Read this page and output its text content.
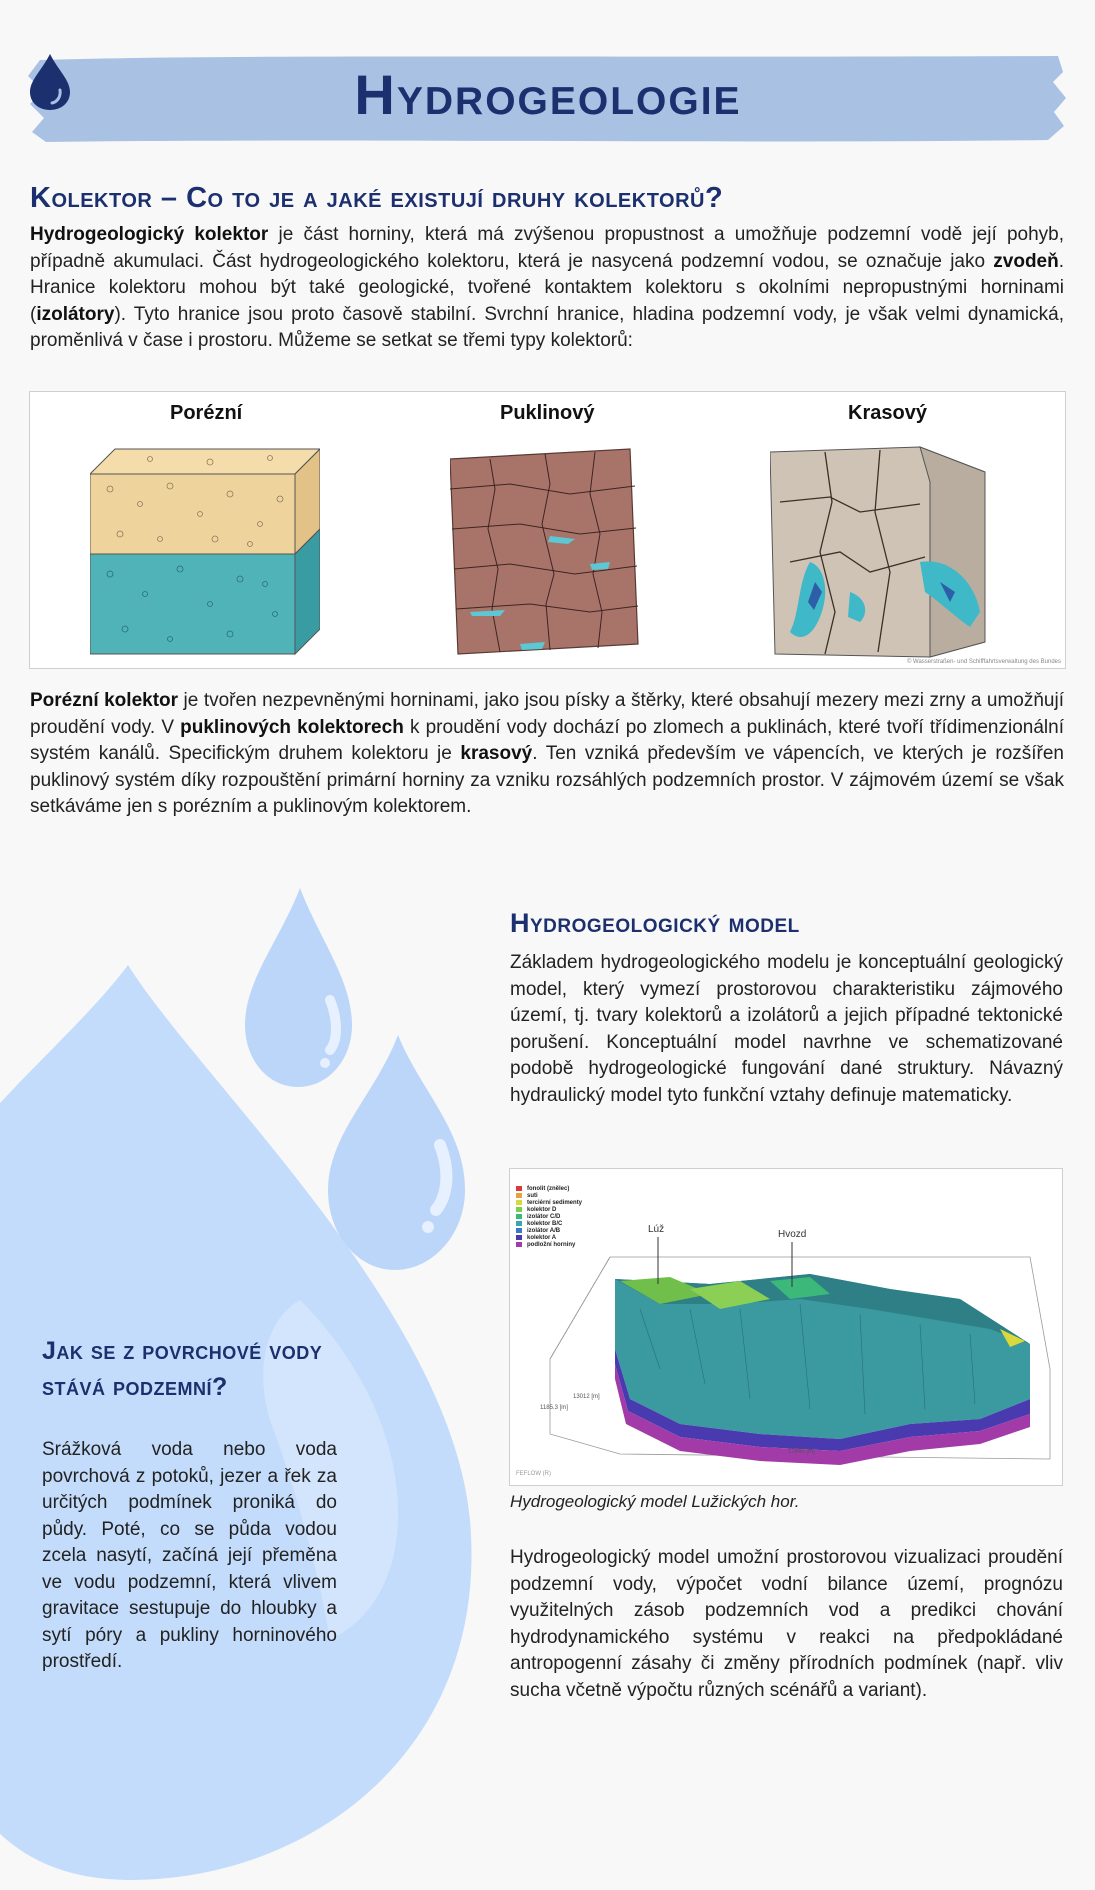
Hydrogeologie
Kolektor – Co to je a jaké existují druhy kolektorů?
Hydrogeologický kolektor je část horniny, která má zvýšenou propustnost a umožňuje podzemní vodě její pohyb, případně akumulaci. Část hydrogeologického kolektoru, která je nasycená podzemní vodou, se označuje jako zvodeň. Hranice kolektoru mohou být také geologické, tvořené kontaktem kolektoru s okolními nepropustnými horninami (izolátory). Tyto hranice jsou proto časově stabilní. Svrchní hranice, hladina podzemní vody, je však velmi dynamická, proměnlivá v čase i prostoru. Můžeme se setkat se třemi typy kolektorů:
Porézní	Puklinový	Krasový
© Wasserstraßen- und Schifffahrtsverwaltung des Bundes
Porézní kolektor je tvořen nezpevněnými horninami, jako jsou písky a štěrky, které obsahují mezery mezi zrny a umožňují proudění vody. V puklinových kolektorech k proudění vody dochází po zlomech a puklinách, které tvoří třídimenzionální systém kanálů. Specifickým druhem kolektoru je krasový. Ten vzniká především ve vápencích, ve kterých je rozšířen puklinový systém díky rozpouštění primární horniny za vzniku rozsáhlých podzemních prostor. V zájmovém území se však setkáváme jen s porézním a puklinovým kolektorem.
Hydrogeologický model
Základem hydrogeologického modelu je konceptuální geologický model, který vymezí prostorovou charakteristiku zájmového území, tj. tvary kolektorů a izolátorů a jejich případné tektonické porušení. Konceptuální model navrhne ve schematizované podobě hydrogeologické fungování dané struktury. Návazný hydraulický model tyto funkční vztahy definuje matematicky.
fonolit (znělec)
suti
terciérní sedimenty
kolektor D
izolátor C/D
kolektor B/C
izolátor A/B
kolektor A
podložní horniny
Lúž	Hvozd
13012 [m]
1185.3 [m]
17649 [m]
FEFLOW (R)
Hydrogeologický model Lužických hor.
Hydrogeologický model umožní prostorovou vizualizaci proudění podzemní vody, výpočet vodní bilance území, prognózu využitelných zásob podzemních vod a predikci chování hydrodynamického systému v reakci na předpokládané antropogenní zásahy či změny přírodních podmínek (např. vliv sucha včetně výpočtu různých scénářů a variant).
Jak se z povrchové vody stává podzemní?
Srážková voda nebo voda povrchová z potoků, jezer a řek za určitých podmínek proniká do půdy. Poté, co se půda vodou zcela nasytí, začíná její přeměna ve vodu podzemní, která vlivem gravitace sestupuje do hloubky a sytí póry a pukliny horninového prostředí.
